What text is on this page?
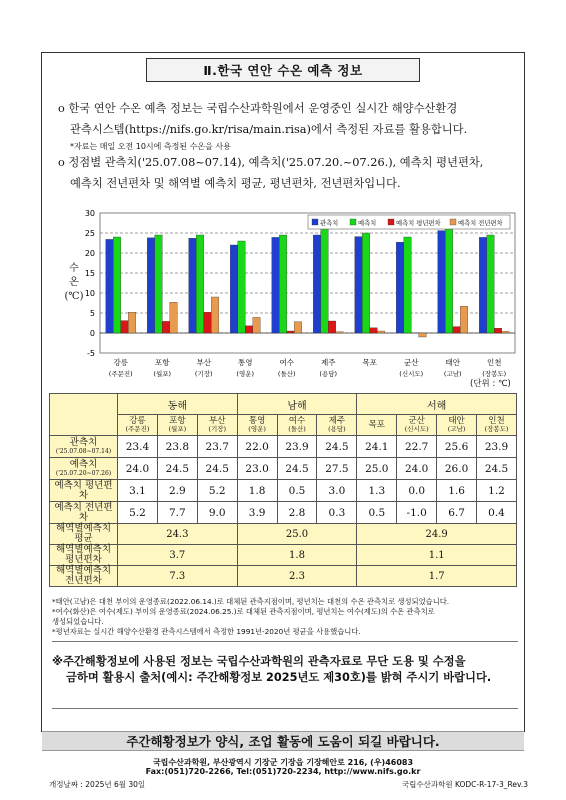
Ⅱ.한국 연안 수온 예측 정보
ο 한국 연안 수온 예측 정보는 국립수산과학원에서 운영중인 실시간 해양수산환경
관측시스템(https://nifs.go.kr/risa/main.risa)에서 측정된 자료를 활용합니다.
*자료는 매일 오전 10시에 측정된 수온을 사용
ο 정점별 관측치('25.07.08~07.14), 예측치('25.07.20.~07.26.), 예측치 평년편차,
예측치 전년편차 및 해역별 예측치 평균, 평년편차, 전년편차입니다.
수
온
(℃)
-5
0
5
10
15
20
25
30
강릉
(주문진)
포항
(월포)
부산
(기장)
통영
(영운)
여수
(돌산)
제주
(용담)
목포	군산
(신시도)
태안
(고남)
인천
(장봉도)
관측치	예측치	예측치 평년편차	예측치 전년편차
(단위 : ℃)
	동해			남해			서해			
	강릉
(주문진)	포항
(월포)	부산
(기장)	통영
(영운)	여수
(돌산)	제주
(용담)	목포	군산
(신시도)	태안
(고남)	인천
(장봉도)

관측치
('25.07.08~07.14)	23.4	23.8	23.7	22.0	23.9	24.5	24.1	22.7	25.6	23.9
예측치
('25.07.20~07.26)	24.0	24.5	24.5	23.0	24.5	27.5	25.0	24.0	26.0	24.5
예측치 평년편차	3.1	2.9	5.2	1.8	0.5	3.0	1.3	0.0	1.6	1.2
예측치 전년편차	5.2	7.7	9.0	3.9	2.8	0.3	0.5	-1.0	6.7	0.4
해역별예측치 평균	24.3			25.0			24.9			
해역별예측치 평년편차	3.7			1.8			1.1			
해역별예측치 전년편차	7.3			2.3			1.7			
*태안(고남)은 대천 부이의 운영종료(2022.06.14.)로 대체된 관측지점이며, 평년치는 대천의 수온 관측치로 생성되었습니다.
*여수(화산)은 여수(제도) 부이의 운영종료(2024.06.25.)로 대체된 관측지점이며, 평년치는 여수(제도)의 수온 관측치로
생성되었습니다.
*평년자료는 실시간 해양수산환경 관측시스템에서 측정한 1991년-2020년 평균을 사용했습니다.
※주간해황정보에 사용된 정보는 국립수산과학원의 관측자료로 무단 도용 및 수정을
금하며 활용시 출처(예시: 주간해황정보 2025년도 제30호)를 밝혀 주시기 바랍니다.
주간해황정보가 양식, 조업 활동에 도움이 되길 바랍니다.
국립수산과학원, 부산광역시 기장군 기장읍 기장해안로 216, (우)46083
Fax:(051)720-2266, Tel:(051)720-2234, http://www.nifs.go.kr
개정날짜 : 2025년 6월 30일	국립수산과학원 KODC-R-17-3_Rev.3
